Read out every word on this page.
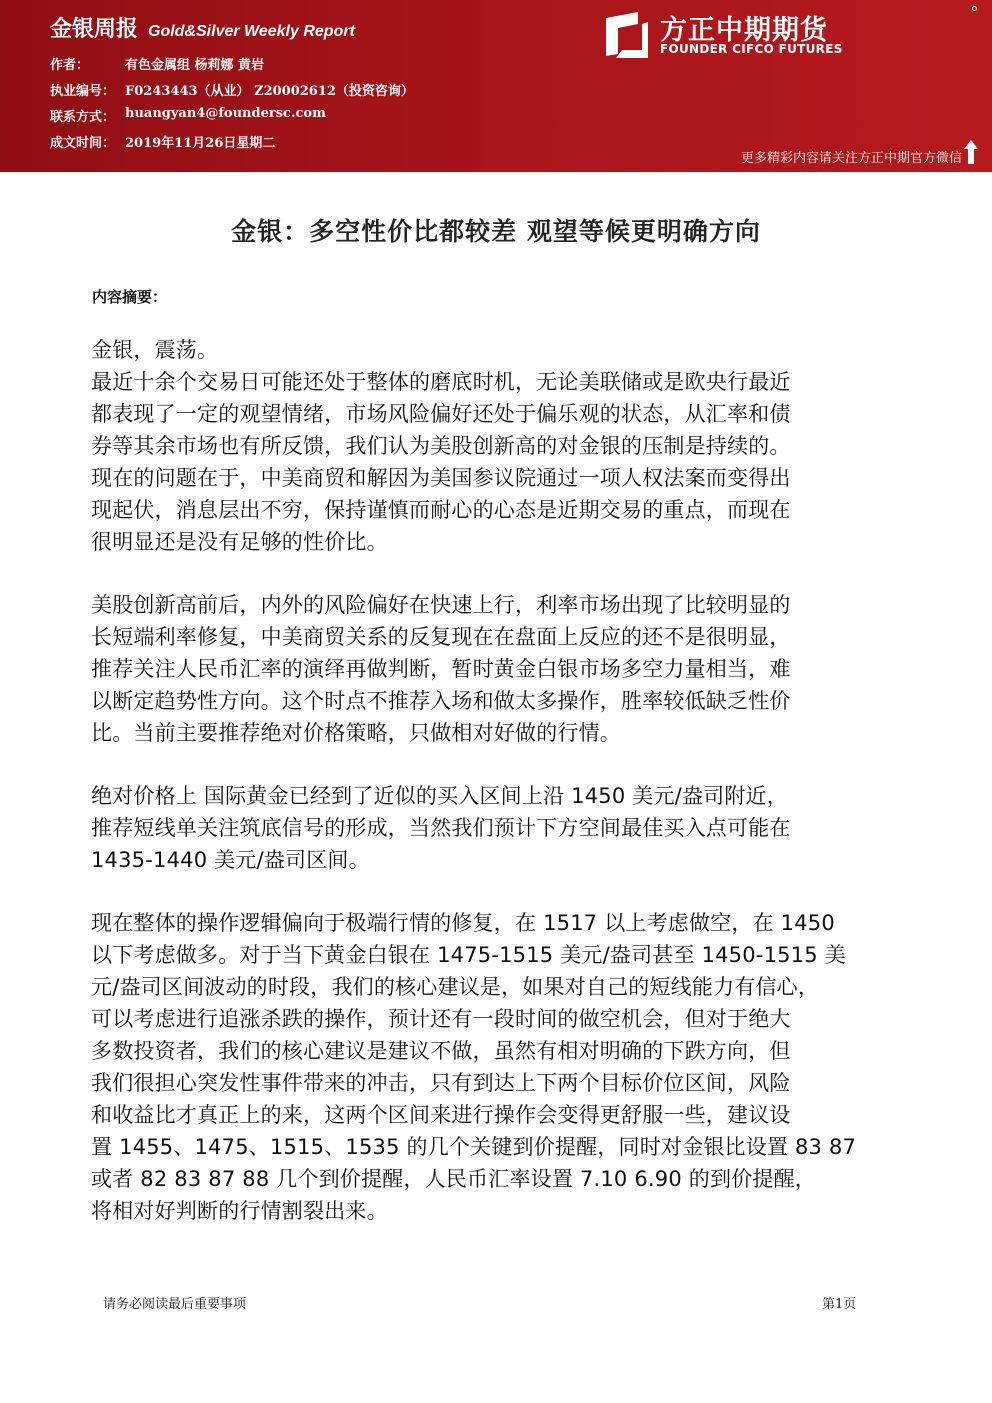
金银周报 Gold&Silver Weekly Report
作者：	有色金属组 杨莉娜 黄岩
执业编号： F0243443（从业） Z20002612（投资咨询）
联系方式： huangyan4@foundersc.com
成文时间： 2019年11月26日星期二
方正中期期货
FOUNDER CIFCO FUTURES
更多精彩内容请关注方正中期官方微信
金银：多空性价比都较差 观望等候更明确方向
内容摘要：
金银，震荡。
最近十余个交易日可能还处于整体的磨底时机，无论美联储或是欧央行最近
都表现了一定的观望情绪，市场风险偏好还处于偏乐观的状态，从汇率和债
券等其余市场也有所反馈，我们认为美股创新高的对金银的压制是持续的。
现在的问题在于，中美商贸和解因为美国参议院通过一项人权法案而变得出
现起伏，消息层出不穷，保持谨慎而耐心的心态是近期交易的重点，而现在
很明显还是没有足够的性价比。
美股创新高前后，内外的风险偏好在快速上行，利率市场出现了比较明显的
长短端利率修复，中美商贸关系的反复现在在盘面上反应的还不是很明显，
推荐关注人民币汇率的演绎再做判断，暂时黄金白银市场多空力量相当，难
以断定趋势性方向。这个时点不推荐入场和做太多操作，胜率较低缺乏性价
比。当前主要推荐绝对价格策略，只做相对好做的行情。
绝对价格上 国际黄金已经到了近似的买入区间上沿 1450 美元/盎司附近，
推荐短线单关注筑底信号的形成，当然我们预计下方空间最佳买入点可能在
1435-1440 美元/盎司区间。
现在整体的操作逻辑偏向于极端行情的修复，在 1517 以上考虑做空，在 1450
以下考虑做多。对于当下黄金白银在 1475-1515 美元/盎司甚至 1450-1515 美
元/盎司区间波动的时段，我们的核心建议是，如果对自己的短线能力有信心，
可以考虑进行追涨杀跌的操作，预计还有一段时间的做空机会，但对于绝大
多数投资者，我们的核心建议是建议不做，虽然有相对明确的下跌方向，但
我们很担心突发性事件带来的冲击，只有到达上下两个目标价位区间，风险
和收益比才真正上的来，这两个区间来进行操作会变得更舒服一些，建议设
置 1455、1475、1515、1535 的几个关键到价提醒，同时对金银比设置 83 87
或者 82 83 87 88 几个到价提醒，人民币汇率设置 7.10 6.90 的到价提醒，
将相对好判断的行情割裂出来。
请务必阅读最后重要事项	第1页
